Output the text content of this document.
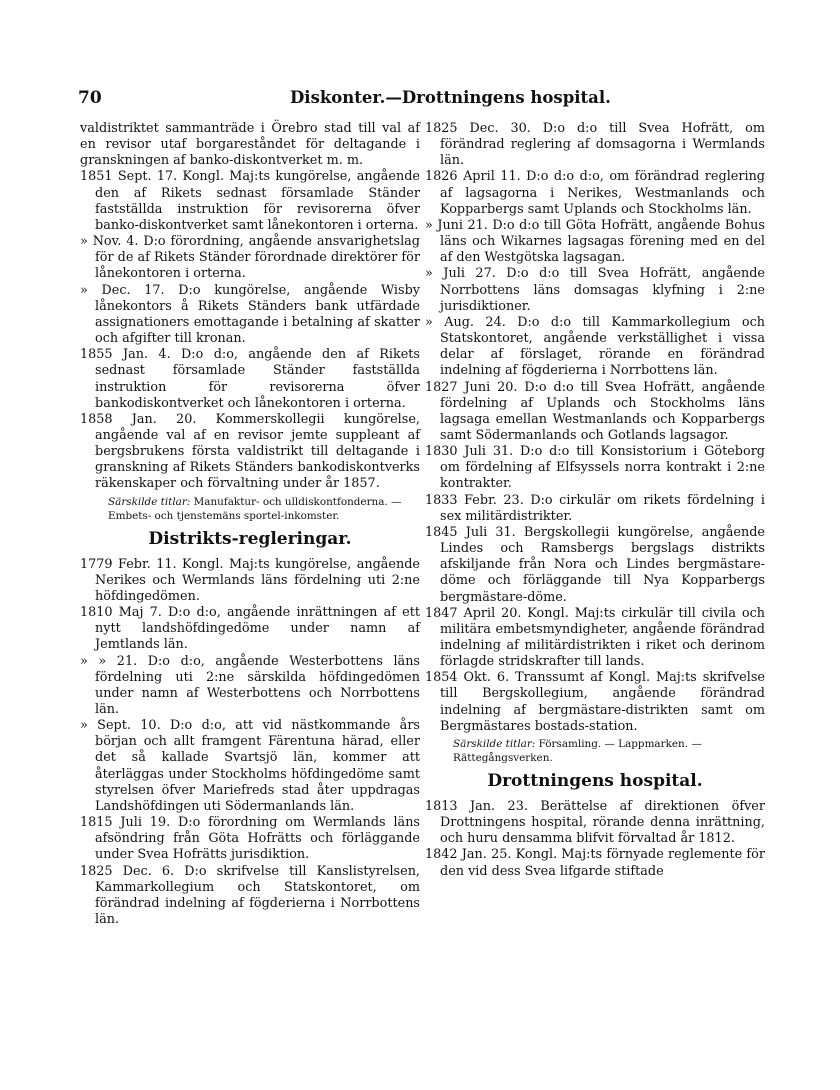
70	Diskonter.—Drottningens hospital.

valdistriktet sammanträde i Örebro stad till val af en revisor utaf borgareståndet för deltagande i granskningen af banko-diskontverket m. m.

1851 Sept. 17. Kongl. Maj:ts kungörelse, angående den af Rikets sednast församlade Ständer fastställda instruktion för revisorerna öfver banko-diskontverket samt lånekontoren i orterna.

» Nov. 4. D:o förordning, angående ansvarighetslag för de af Rikets Ständer förordnade direktörer för lånekontoren i orterna.

» Dec. 17. D:o kungörelse, angående Wisby lånekontors å Rikets Ständers bank utfärdade assignationers emottagande i betalning af skatter och afgifter till kronan.

1855 Jan. 4. D:o d:o, angående den af Rikets sednast församlade Ständer fastställda instruktion för revisorerna öfver bankodiskontverket och lånekontoren i orterna.

1858 Jan. 20. Kommerskollegii kungörelse, angående val af en revisor jemte suppleant af bergsbrukens första valdistrikt till deltagande i granskning af Rikets Ständers bankodiskontverks räkenskaper och förvaltning under år 1857.

Särskilde titlar: Manufaktur- och ulldiskontfonderna. — Embets- och tjenstemäns sportel-inkomster.
Distrikts-regleringar.

1779 Febr. 11. Kongl. Maj:ts kungörelse, angående Nerikes och Wermlands läns fördelning uti 2:ne höfdingedömen.

1810 Maj 7. D:o d:o, angående inrättningen af ett nytt landshöfdingedöme under namn af Jemtlands län.

» » 21. D:o d:o, angående Westerbottens läns fördelning uti 2:ne särskilda höfdingedömen under namn af Westerbottens och Norrbottens län.

» Sept. 10. D:o d:o, att vid nästkommande års början och allt framgent Färentuna härad, eller det så kallade Svartsjö län, kommer att återläggas under Stockholms höfdingedöme samt styrelsen öfver Mariefreds stad åter uppdragas Landshöfdingen uti Södermanlands län.

1815 Juli 19. D:o förordning om Wermlands läns afsöndring från Göta Hofrätts och förläggande under Svea Hofrätts jurisdiktion.

1825 Dec. 6. D:o skrifvelse till Kanslistyrelsen, Kammarkollegium och Statskontoret, om förändrad indelning af fögderierna i Norrbottens län.

1825 Dec. 30. D:o d:o till Svea Hofrätt, om förändrad reglering af domsagorna i Wermlands län.

1826 April 11. D:o d:o d:o, om förändrad reglering af lagsagorna i Nerikes, Westmanlands och Kopparbergs samt Uplands och Stockholms län.

» Juni 21. D:o d:o till Göta Hofrätt, angående Bohus läns och Wikarnes lagsagas förening med en del af den Westgötska lagsagan.

» Juli 27. D:o d:o till Svea Hofrätt, angående Norrbottens läns domsagas klyfning i 2:ne jurisdiktioner.

» Aug. 24. D:o d:o till Kammarkollegium och Statskontoret, angående verkställighet i vissa delar af förslaget, rörande en förändrad indelning af fögderierna i Norrbottens län.

1827 Juni 20. D:o d:o till Svea Hofrätt, angående fördelning af Uplands och Stockholms läns lagsaga emellan Westmanlands och Kopparbergs samt Södermanlands och Gotlands lagsagor.

1830 Juli 31. D:o d:o till Konsistorium i Göteborg om fördelning af Elfsyssels norra kontrakt i 2:ne kontrakter.

1833 Febr. 23. D:o cirkulär om rikets fördelning i sex militärdistrikter.

1845 Juli 31. Bergskollegii kungörelse, angående Lindes och Ramsbergs bergslags distrikts afskiljande från Nora och Lindes bergmästare-döme och förläggande till Nya Kopparbergs bergmästare-döme.

1847 April 20. Kongl. Maj:ts cirkulär till civila och militära embetsmyndigheter, angående förändrad indelning af militärdistrikten i riket och derinom förlagde stridskrafter till lands.

1854 Okt. 6. Transsumt af Kongl. Maj:ts skrifvelse till Bergskollegium, angående förändrad indelning af bergmästare-distrikten samt om Bergmästares bostads-station.

Särskilde titlar: Församling. — Lappmarken. — Rättegångsverken.
Drottningens hospital.

1813 Jan. 23. Berättelse af direktionen öfver Drottningens hospital, rörande denna inrättning, och huru densamma blifvit förvaltad år 1812.

1842 Jan. 25. Kongl. Maj:ts förnyade reglemente för den vid dess Svea lifgarde stiftade
